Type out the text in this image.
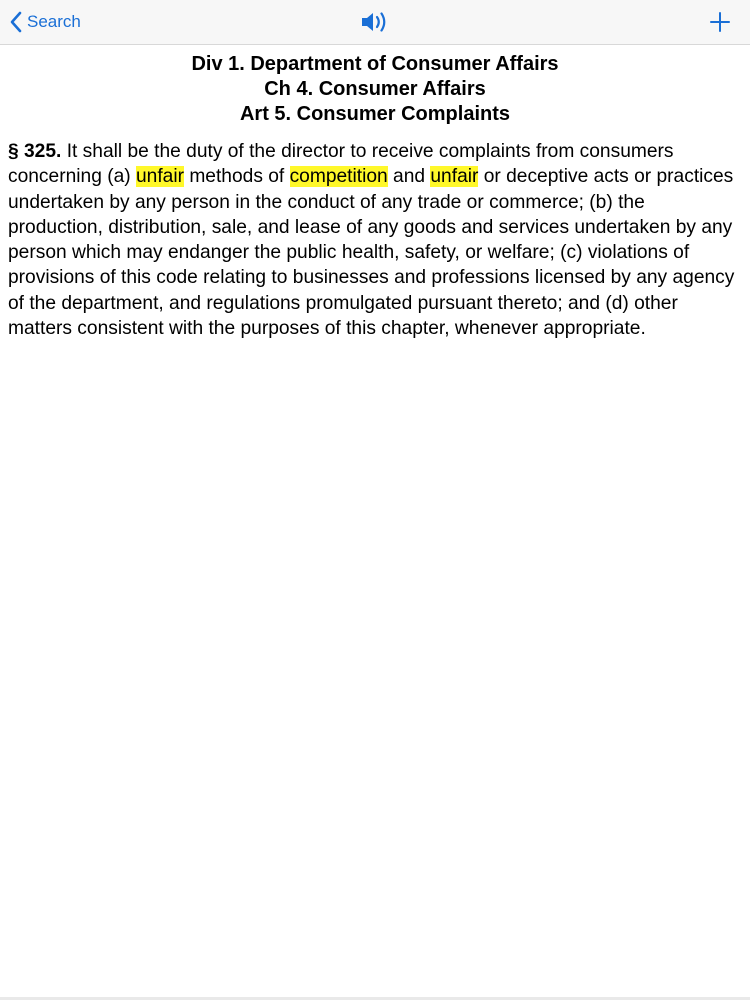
Search
Div 1. Department of Consumer Affairs
Ch 4. Consumer Affairs
Art 5. Consumer Complaints
§ 325. It shall be the duty of the director to receive complaints from consumers concerning (a) unfair methods of competition and unfair or deceptive acts or practices undertaken by any person in the conduct of any trade or commerce; (b) the production, distribution, sale, and lease of any goods and services undertaken by any person which may endanger the public health, safety, or welfare; (c) violations of provisions of this code relating to businesses and professions licensed by any agency of the department, and regulations promulgated pursuant thereto; and (d) other matters consistent with the purposes of this chapter, whenever appropriate.
